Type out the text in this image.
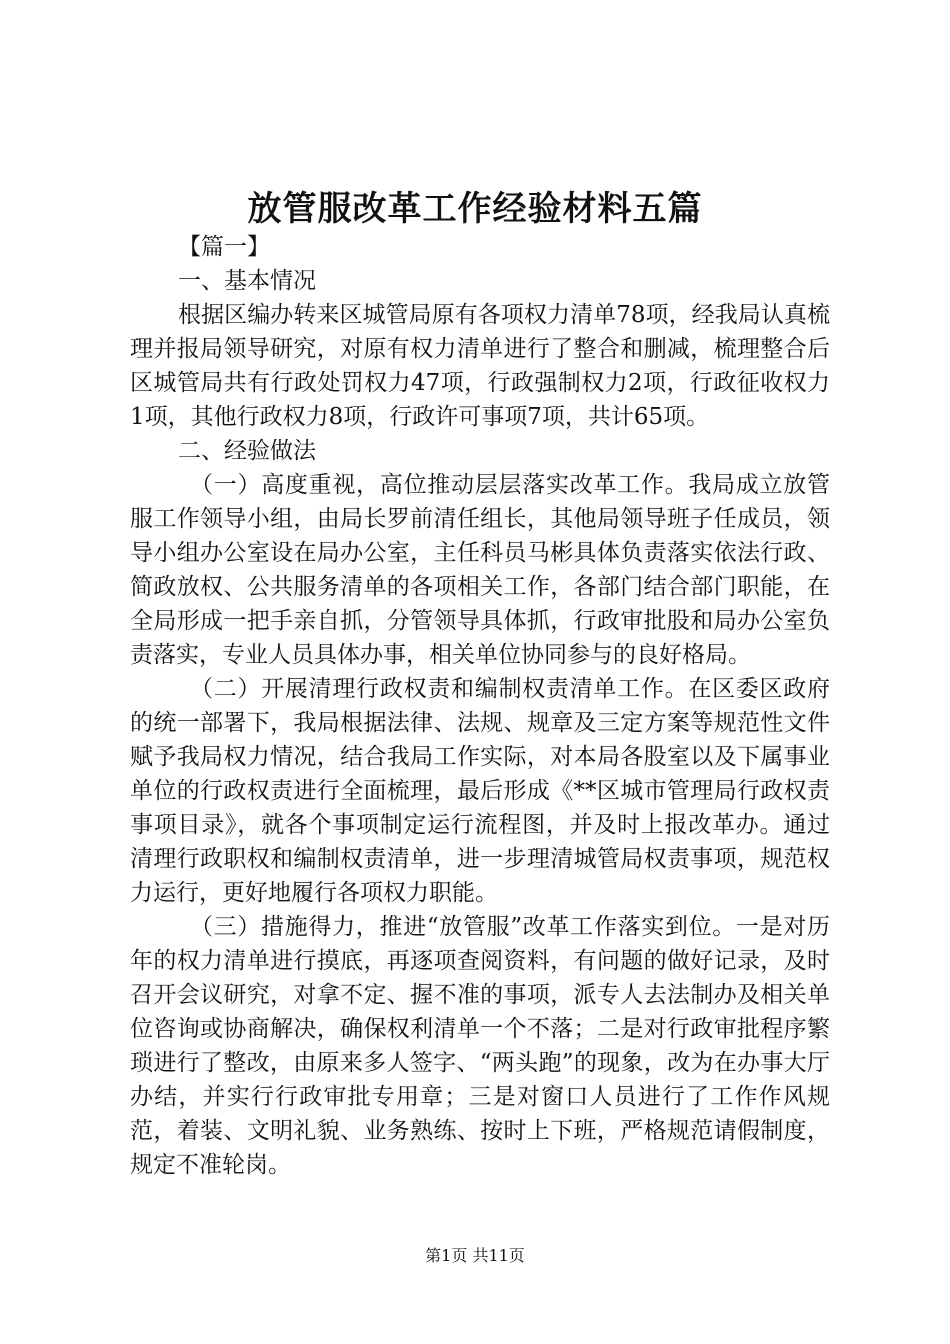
放管服改革工作经验材料五篇

【篇一】

一、基本情况

根据区编办转来区城管局原有各项权力清单78项，经我局认真梳理并报局领导研究，对原有权力清单进行了整合和删减，梳理整合后区城管局共有行政处罚权力47项，行政强制权力2项，行政征收权力1项，其他行政权力8项，行政许可事项7项，共计65项。

二、经验做法

（一）高度重视，高位推动层层落实改革工作。我局成立放管服工作领导小组，由局长罗前清任组长，其他局领导班子任成员，领导小组办公室设在局办公室，主任科员马彬具体负责落实依法行政、简政放权、公共服务清单的各项相关工作，各部门结合部门职能，在全局形成一把手亲自抓，分管领导具体抓，行政审批股和局办公室负责落实，专业人员具体办事，相关单位协同参与的良好格局。

（二）开展清理行政权责和编制权责清单工作。在区委区政府的统一部署下，我局根据法律、法规、规章及三定方案等规范性文件赋予我局权力情况，结合我局工作实际，对本局各股室以及下属事业单位的行政权责进行全面梳理，最后形成《**区城市管理局行政权责事项目录》，就各个事项制定运行流程图，并及时上报改革办。通过清理行政职权和编制权责清单，进一步理清城管局权责事项，规范权力运行，更好地履行各项权力职能。

（三）措施得力，推进“放管服”改革工作落实到位。一是对历年的权力清单进行摸底，再逐项查阅资料，有问题的做好记录，及时召开会议研究，对拿不定、握不准的事项，派专人去法制办及相关单位咨询或协商解决，确保权利清单一个不落；二是对行政审批程序繁琐进行了整改，由原来多人签字、“两头跑”的现象，改为在办事大厅办结，并实行行政审批专用章；三是对窗口人员进行了工作作风规范，着装、文明礼貌、业务熟练、按时上下班，严格规范请假制度，规定不准轮岗。

第1页 共11页
